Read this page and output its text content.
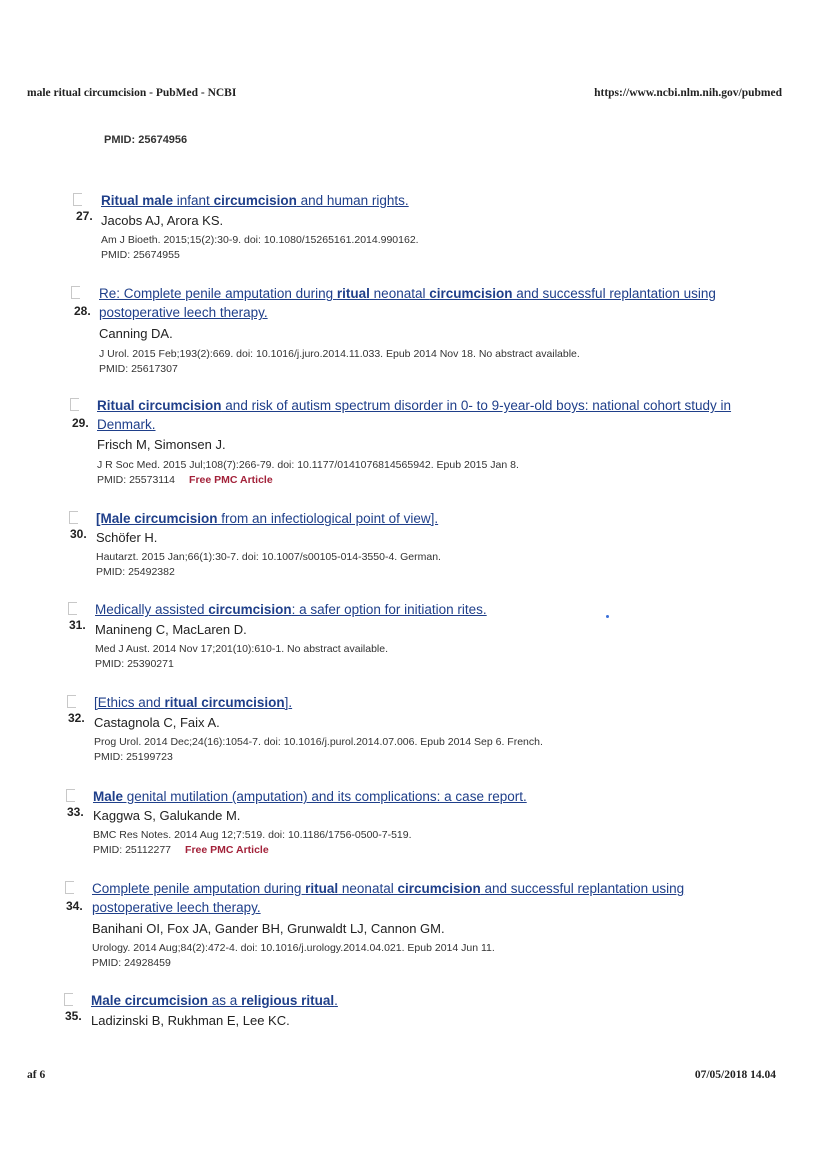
male ritual circumcision - PubMed - NCBI	https://www.ncbi.nlm.nih.gov/pubmed
PMID: 25674956
27.
Ritual male infant circumcision and human rights.
Jacobs AJ, Arora KS.
Am J Bioeth. 2015;15(2):30-9. doi: 10.1080/15265161.2014.990162.
PMID: 25674955
28.
Re: Complete penile amputation during ritual neonatal circumcision and successful replantation using postoperative leech therapy.
Canning DA.
J Urol. 2015 Feb;193(2):669. doi: 10.1016/j.juro.2014.11.033. Epub 2014 Nov 18. No abstract available.
PMID: 25617307
29.
Ritual circumcision and risk of autism spectrum disorder in 0- to 9-year-old boys: national cohort study in Denmark.
Frisch M, Simonsen J.
J R Soc Med. 2015 Jul;108(7):266-79. doi: 10.1177/0141076814565942. Epub 2015 Jan 8.
PMID: 25573114 Free PMC Article
30.
[Male circumcision from an infectiological point of view].
Schöfer H.
Hautarzt. 2015 Jan;66(1):30-7. doi: 10.1007/s00105-014-3550-4. German.
PMID: 25492382
31.
Medically assisted circumcision: a safer option for initiation rites.
Manineng C, MacLaren D.
Med J Aust. 2014 Nov 17;201(10):610-1. No abstract available.
PMID: 25390271
32.
[Ethics and ritual circumcision].
Castagnola C, Faix A.
Prog Urol. 2014 Dec;24(16):1054-7. doi: 10.1016/j.purol.2014.07.006. Epub 2014 Sep 6. French.
PMID: 25199723
33.
Male genital mutilation (amputation) and its complications: a case report.
Kaggwa S, Galukande M.
BMC Res Notes. 2014 Aug 12;7:519. doi: 10.1186/1756-0500-7-519.
PMID: 25112277 Free PMC Article
34.
Complete penile amputation during ritual neonatal circumcision and successful replantation using postoperative leech therapy.
Banihani OI, Fox JA, Gander BH, Grunwaldt LJ, Cannon GM.
Urology. 2014 Aug;84(2):472-4. doi: 10.1016/j.urology.2014.04.021. Epub 2014 Jun 11.
PMID: 24928459
35.
Male circumcision as a religious ritual.
Ladizinski B, Rukhman E, Lee KC.
af 6	07/05/2018 14.04
